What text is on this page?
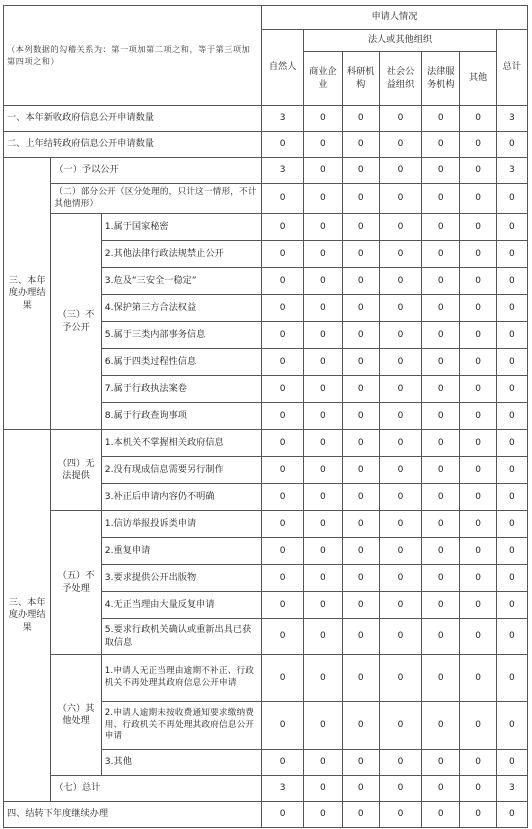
（本列数据的勾稽关系为：第一项加第二项之和，等于第三项加第四项之和）			申请人情况						
			自然人	法人或其他组织					总计
				商业企业	科研机构	社会公益组织	法律服务机构	其他	
一、本年新收政府信息公开申请数量			3	0	0	0	0	0	3
二、上年结转政府信息公开申请数量			0	0	0	0	0	0	0
三、本年度办理结果	（一）予以公开		3	0	0	0	0	0	3
	（二）部分公开（区分处理的，只计这一情形，不计其他情形）		0	0	0	0	0	0	0
	（三）不予公开	1.属于国家秘密	0	0	0	0	0	0	0
		2.其他法律行政法规禁止公开	0	0	0	0	0	0	0
		3.危及“三安全一稳定”	0	0	0	0	0	0	0
		4.保护第三方合法权益	0	0	0	0	0	0	0
		5.属于三类内部事务信息	0	0	0	0	0	0	0
		6.属于四类过程性信息	0	0	0	0	0	0	0
		7.属于行政执法案卷	0	0	0	0	0	0	0
		8.属于行政查询事项	0	0	0	0	0	0	0
三、本年度办理结果	（四）无法提供	1.本机关不掌握相关政府信息	0	0	0	0	0	0	0
		2.没有现成信息需要另行制作	0	0	0	0	0	0	0
		3.补正后申请内容仍不明确	0	0	0	0	0	0	0
	（五）不予处理	1.信访举报投诉类申请	0	0	0	0	0	0	0
		2.重复申请	0	0	0	0	0	0	0
		3.要求提供公开出版物	0	0	0	0	0	0	0
		4.无正当理由大量反复申请	0	0	0	0	0	0	0
		5.要求行政机关确认或重新出具已获取信息	0	0	0	0	0	0	0
	（六）其他处理	1.申请人无正当理由逾期不补正、行政机关不再处理其政府信息公开申请	0	0	0	0	0	0	0
		2.申请人逾期未按收费通知要求缴纳费用、行政机关不再处理其政府信息公开申请	0	0	0	0	0	0	0
		3.其他	0	0	0	0	0	0	0
	（七）总计		3	0	0	0	0	0	3
四、结转下年度继续办理			0	0	0	0	0	0	0
